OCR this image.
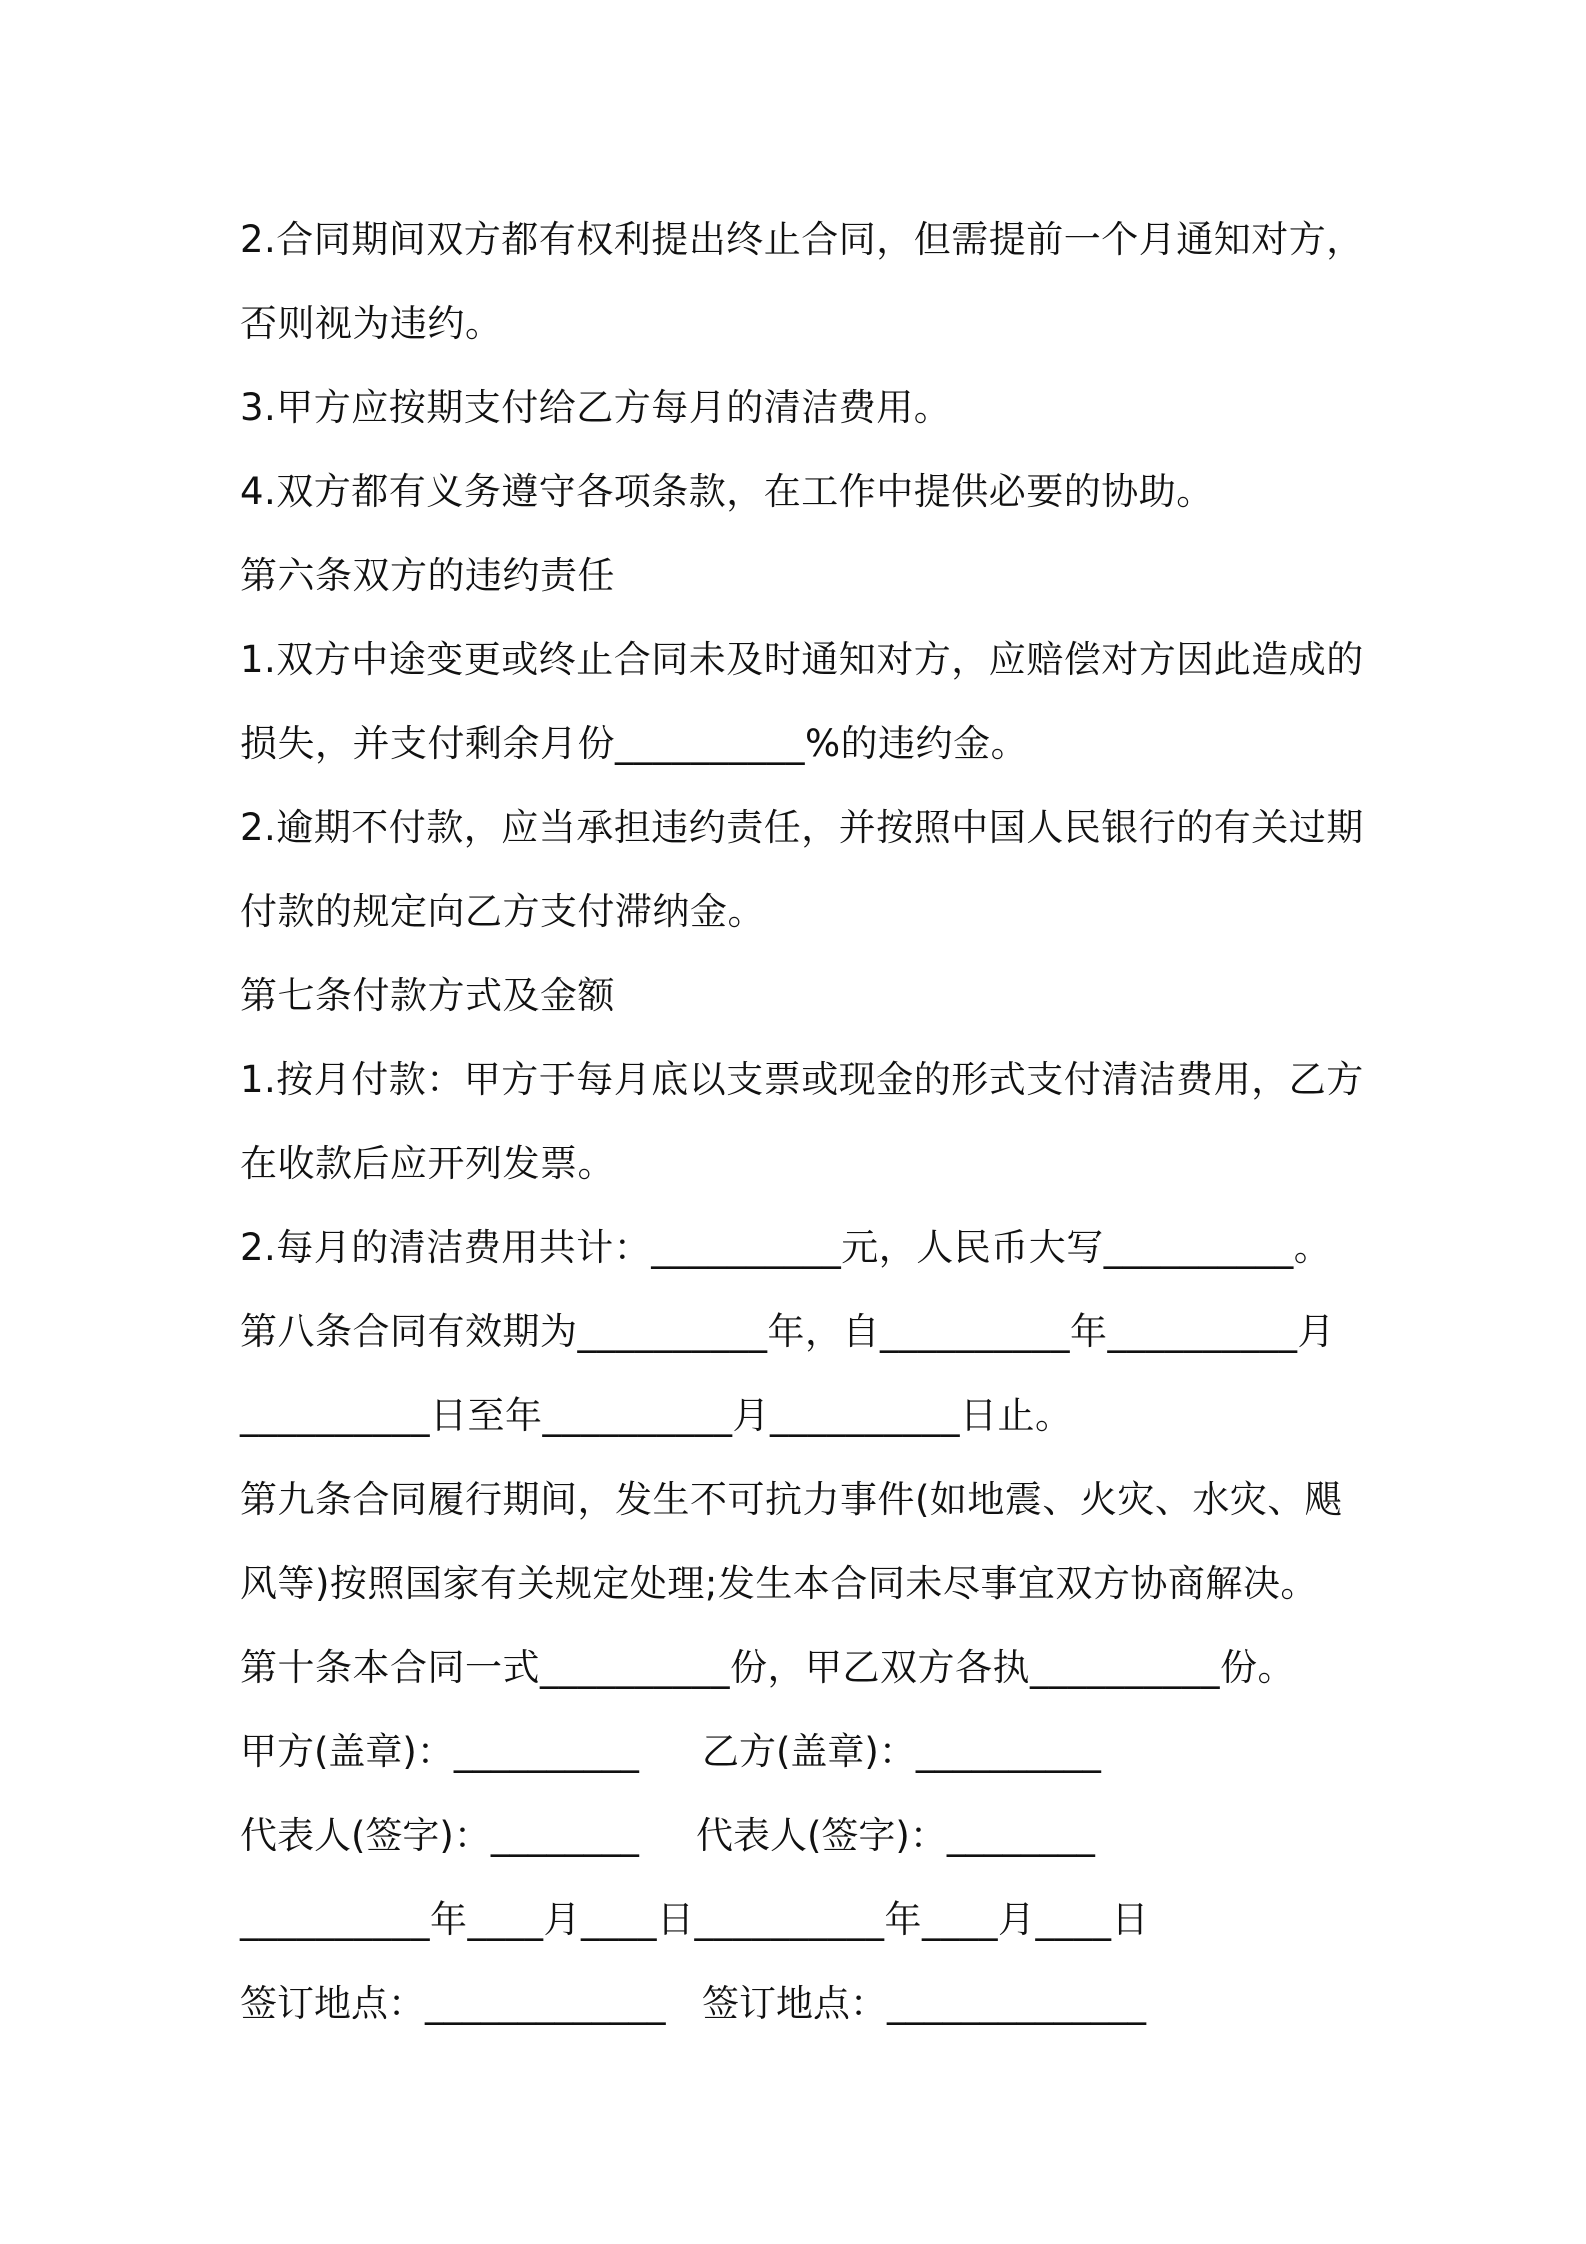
2.合同期间双方都有权利提出终止合同，但需提前一个月通知对方，
否则视为违约。
3.甲方应按期支付给乙方每月的清洁费用。
4.双方都有义务遵守各项条款，在工作中提供必要的协助。
第六条双方的违约责任
1.双方中途变更或终止合同未及时通知对方，应赔偿对方因此造成的
损失，并支付剩余月份__________%的违约金。
2.逾期不付款，应当承担违约责任，并按照中国人民银行的有关过期
付款的规定向乙方支付滞纳金。
第七条付款方式及金额
1.按月付款：甲方于每月底以支票或现金的形式支付清洁费用，乙方
在收款后应开列发票。
2.每月的清洁费用共计：__________元，人民币大写__________。
第八条合同有效期为__________年，自__________年__________月
__________日至年__________月__________日止。
第九条合同履行期间，发生不可抗力事件(如地震、火灾、水灾、飓
风等)按照国家有关规定处理;发生本合同未尽事宜双方协商解决。
第十条本合同一式__________份，甲乙双方各执__________份。
甲方(盖章)：__________ 乙方(盖章)：__________
代表人(签字)：________ 代表人(签字)：________
__________年____月____日__________年____月____日
签订地点：_____________ 签订地点：______________
